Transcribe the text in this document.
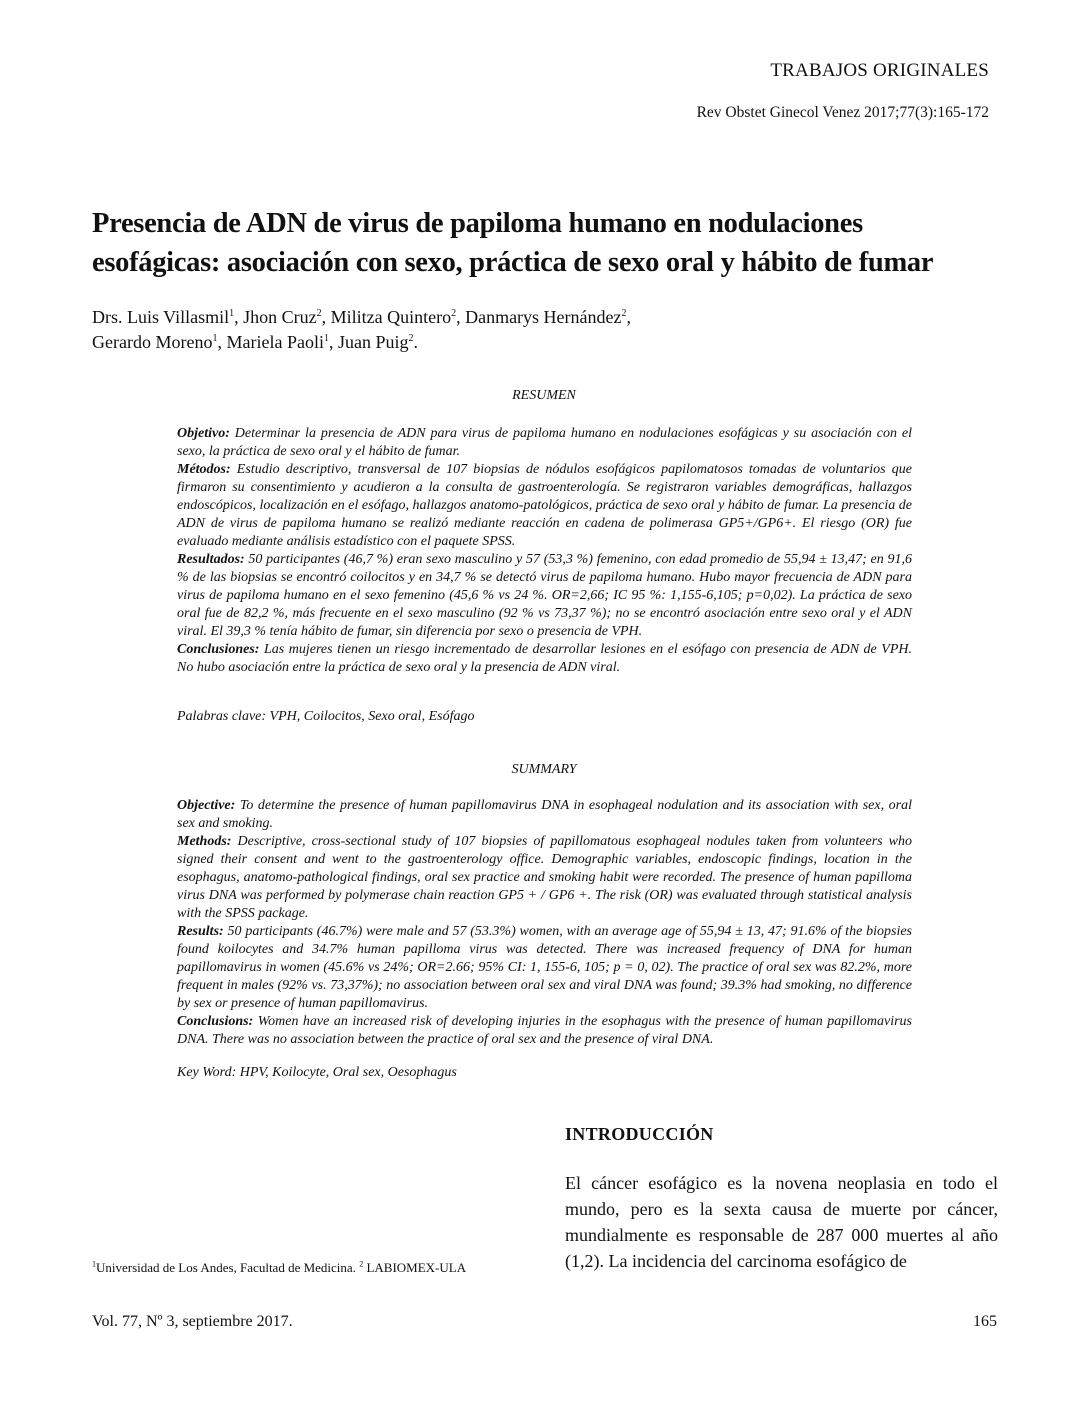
TRABAJOS ORIGINALES
Rev Obstet Ginecol Venez 2017;77(3):165-172
Presencia de ADN de virus de papiloma humano en nodulaciones
esofágicas: asociación con sexo, práctica de sexo oral y hábito de fumar
Drs. Luis Villasmil$^1$, Jhon Cruz$^2$, Militza Quintero$^2$, Danmarys Hernández$^2$,
Gerardo Moreno$^1$, Mariela Paoli$^1$, Juan Puig$^2$.
RESUMEN

Objetivo: Determinar la presencia de ADN para virus de papiloma humano en nodulaciones esofágicas y su asociación con el sexo, la práctica de sexo oral y el hábito de fumar.

Métodos: Estudio descriptivo, transversal de 107 biopsias de nódulos esofágicos papilomatosos tomadas de voluntarios que firmaron su consentimiento y acudieron a la consulta de gastroenterología. Se registraron variables demográficas, hallazgos endoscópicos, localización en el esófago, hallazgos anatomo-patológicos, práctica de sexo oral y hábito de fumar. La presencia de ADN de virus de papiloma humano se realizó mediante reacción en cadena de polimerasa GP5+/GP6+. El riesgo (OR) fue evaluado mediante análisis estadístico con el paquete SPSS.

Resultados: 50 participantes (46,7 %) eran sexo masculino y 57 (53,3 %) femenino, con edad promedio de 55,94 ± 13,47; en 91,6 % de las biopsias se encontró coilocitos y en 34,7 % se detectó virus de papiloma humano. Hubo mayor frecuencia de ADN para virus de papiloma humano en el sexo femenino (45,6 % vs 24 %. OR=2,66; IC 95 %: 1,155-6,105; p=0,02). La práctica de sexo oral fue de 82,2 %, más frecuente en el sexo masculino (92 % vs 73,37 %); no se encontró asociación entre sexo oral y el ADN viral. El 39,3 % tenía hábito de fumar, sin diferencia por sexo o presencia de VPH.

Conclusiones: Las mujeres tienen un riesgo incrementado de desarrollar lesiones en el esófago con presencia de ADN de VPH. No hubo asociación entre la práctica de sexo oral y la presencia de ADN viral.

Palabras clave: VPH, Coilocitos, Sexo oral, Esófago
SUMMARY

Objective: To determine the presence of human papillomavirus DNA in esophageal nodulation and its association with sex, oral sex and smoking.

Methods: Descriptive, cross-sectional study of 107 biopsies of papillomatous esophageal nodules taken from volunteers who signed their consent and went to the gastroenterology office. Demographic variables, endoscopic findings, location in the esophagus, anatomo-pathological findings, oral sex practice and smoking habit were recorded. The presence of human papilloma virus DNA was performed by polymerase chain reaction GP5 + / GP6 +. The risk (OR) was evaluated through statistical analysis with the SPSS package.

Results: 50 participants (46.7%) were male and 57 (53.3%) women, with an average age of 55,94 ± 13, 47; 91.6% of the biopsies found koilocytes and 34.7% human papilloma virus was detected. There was increased frequency of DNA for human papillomavirus in women (45.6% vs 24%; OR=2.66; 95% CI: 1, 155-6, 105; p = 0, 02). The practice of oral sex was 82.2%, more frequent in males (92% vs. 73,37%); no association between oral sex and viral DNA was found; 39.3% had smoking, no difference by sex or presence of human papillomavirus.

Conclusions: Women have an increased risk of developing injuries in the esophagus with the presence of human papillomavirus DNA. There was no association between the practice of oral sex and the presence of viral DNA.

Key Word: HPV, Koilocyte, Oral sex, Oesophagus
INTRODUCCIÓN
El cáncer esofágico es la novena neoplasia en todo el mundo, pero es la sexta causa de muerte por cáncer, mundialmente es responsable de 287 000 muertes al año (1,2). La incidencia del carcinoma esofágico de
$^1$Universidad de Los Andes, Facultad de Medicina. $^2$ LABIOMEX-ULA
Vol. 77, Nº 3, septiembre 2017.	165
